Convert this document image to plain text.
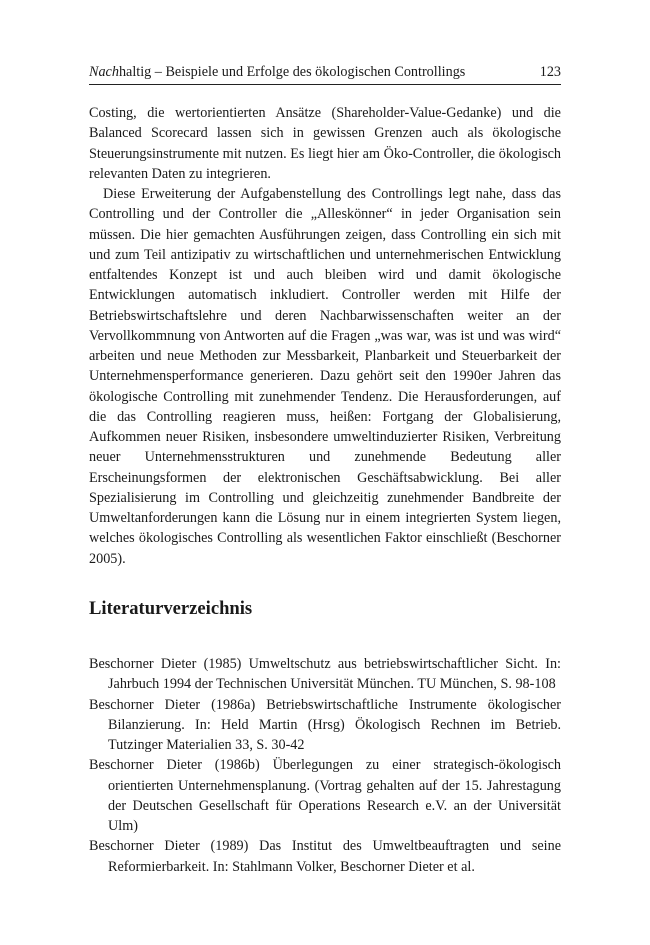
Nachhaltig – Beispiele und Erfolge des ökologischen Controllings	123

Costing, die wertorientierten Ansätze (Shareholder-Value-Gedanke) und die Balanced Scorecard lassen sich in gewissen Grenzen auch als ökologische Steuerungsinstrumente mit nutzen. Es liegt hier am Öko-Controller, die ökologisch relevanten Daten zu integrieren.

Diese Erweiterung der Aufgabenstellung des Controllings legt nahe, dass das Controlling und der Controller die „Alleskönner“ in jeder Organisation sein müssen. Die hier gemachten Ausführungen zeigen, dass Controlling ein sich mit und zum Teil antizipativ zu wirtschaftlichen und unternehmerischen Entwicklung entfaltendes Konzept ist und auch bleiben wird und damit ökologische Entwicklungen automatisch inkludiert. Controller werden mit Hilfe der Betriebswirtschaftslehre und deren Nachbarwissenschaften weiter an der Vervollkommnung von Antworten auf die Fragen „was war, was ist und was wird“ arbeiten und neue Methoden zur Messbarkeit, Planbarkeit und Steuerbarkeit der Unternehmensperformance generieren. Dazu gehört seit den 1990er Jahren das ökologische Controlling mit zunehmender Tendenz. Die Herausforderungen, auf die das Controlling reagieren muss, heißen: Fortgang der Globalisierung, Aufkommen neuer Risiken, insbesondere umweltinduzierter Risiken, Verbreitung neuer Unternehmensstrukturen und zunehmende Bedeutung aller Erscheinungsformen der elektronischen Geschäftsabwicklung. Bei aller Spezialisierung im Controlling und gleichzeitig zunehmender Bandbreite der Umweltanforderungen kann die Lösung nur in einem integrierten System liegen, welches ökologisches Controlling als wesentlichen Faktor einschließt (Beschorner 2005).

Literaturverzeichnis

Beschorner Dieter (1985) Umweltschutz aus betriebswirtschaftlicher Sicht. In: Jahrbuch 1994 der Technischen Universität München. TU München, S. 98-108

Beschorner Dieter (1986a) Betriebswirtschaftliche Instrumente ökologischer Bilanzierung. In: Held Martin (Hrsg) Ökologisch Rechnen im Betrieb. Tutzinger Materialien 33, S. 30-42

Beschorner Dieter (1986b) Überlegungen zu einer strategisch-ökologisch orientierten Unternehmensplanung. (Vortrag gehalten auf der 15. Jahrestagung der Deutschen Gesellschaft für Operations Research e.V. an der Universität Ulm)

Beschorner Dieter (1989) Das Institut des Umweltbeauftragten und seine Reformierbarkeit. In: Stahlmann Volker, Beschorner Dieter et al.
